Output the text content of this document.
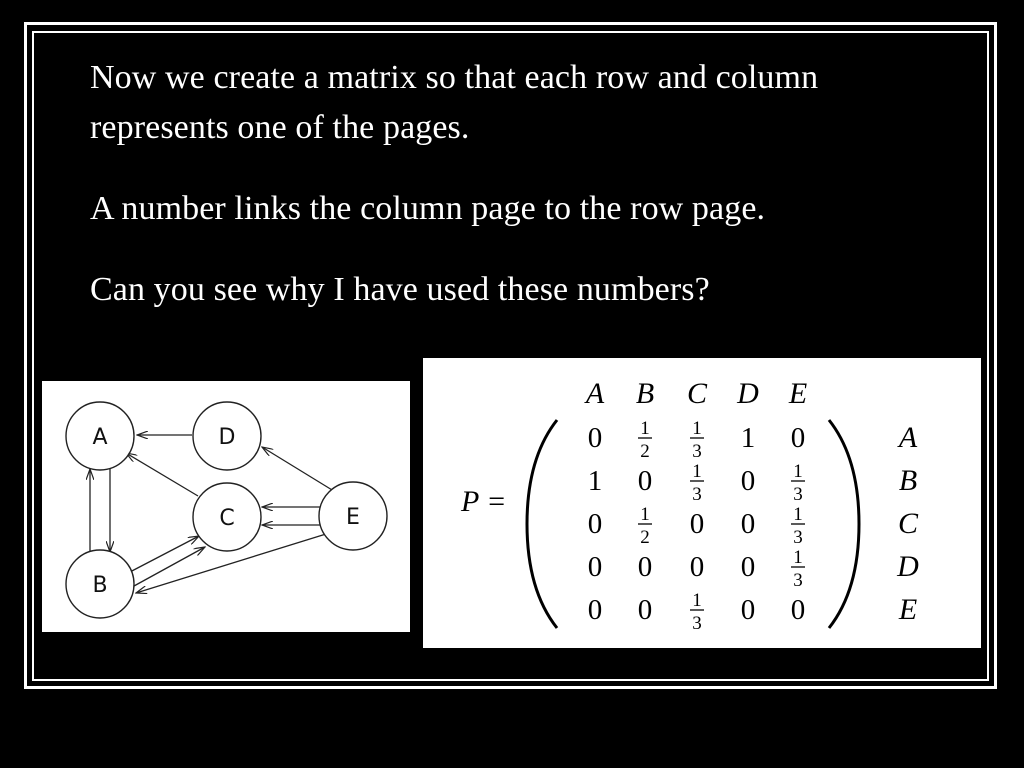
Now we create a matrix so that each row and column
represents one of the pages.
A number links the column page to the row page.
Can you see why I have used these numbers?
A	D
C	E
B
P =
A B C D E
A
B
C
D
E
0 1
2
1
3 1 0
1 0 1
3 0 1
3
0 1
2 0 0 1
3
0 0 0 0 1
3
0 0 1
3 0 0
